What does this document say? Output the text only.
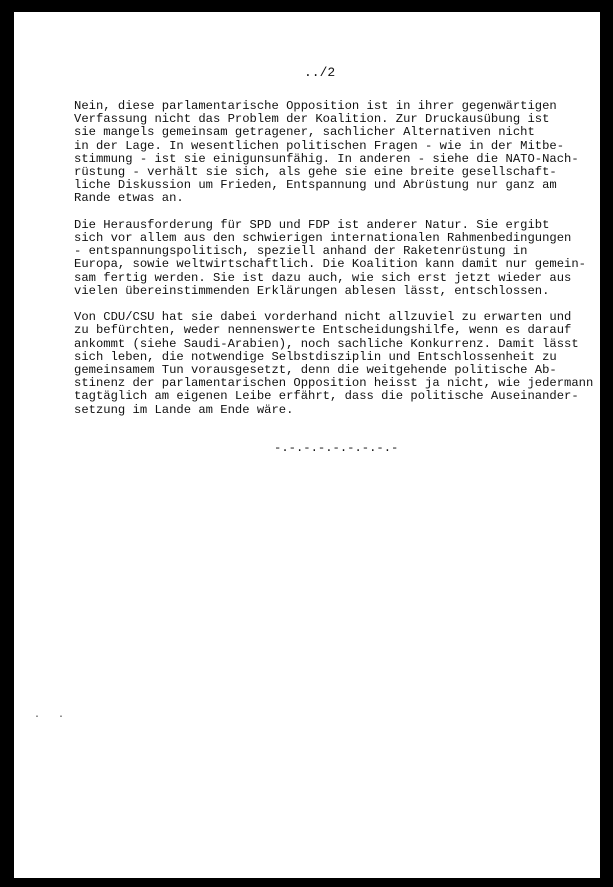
../2

Nein, diese parlamentarische Opposition ist in ihrer gegenwärtigen
Verfassung nicht das Problem der Koalition. Zur Druckausübung ist
sie mangels gemeinsam getragener, sachlicher Alternativen nicht
in der Lage. In wesentlichen politischen Fragen - wie in der Mitbe-
stimmung - ist sie einigunsunfähig. In anderen - siehe die NATO-Nach-
rüstung - verhält sie sich, als gehe sie eine breite gesellschaft-
liche Diskussion um Frieden, Entspannung und Abrüstung nur ganz am
Rande etwas an.

Die Herausforderung für SPD und FDP ist anderer Natur. Sie ergibt
sich vor allem aus den schwierigen internationalen Rahmenbedingungen
- entspannungspolitisch, speziell anhand der Raketenrüstung in
Europa, sowie weltwirtschaftlich. Die Koalition kann damit nur gemein-
sam fertig werden. Sie ist dazu auch, wie sich erst jetzt wieder aus
vielen übereinstimmenden Erklärungen ablesen lässt, entschlossen.

Von CDU/CSU hat sie dabei vorderhand nicht allzuviel zu erwarten und
zu befürchten, weder nennenswerte Entscheidungshilfe, wenn es darauf
ankommt (siehe Saudi-Arabien), noch sachliche Konkurrenz. Damit lässt
sich leben, die notwendige Selbstdisziplin und Entschlossenheit zu
gemeinsamem Tun vorausgesetzt, denn die weitgehende politische Ab-
stinenz der parlamentarischen Opposition heisst ja nicht, wie jedermann
tagtäglich am eigenen Leibe erfährt, dass die politische Auseinander-
setzung im Lande am Ende wäre.

-.-.-.-.-.-.-.-.-
·   ·
